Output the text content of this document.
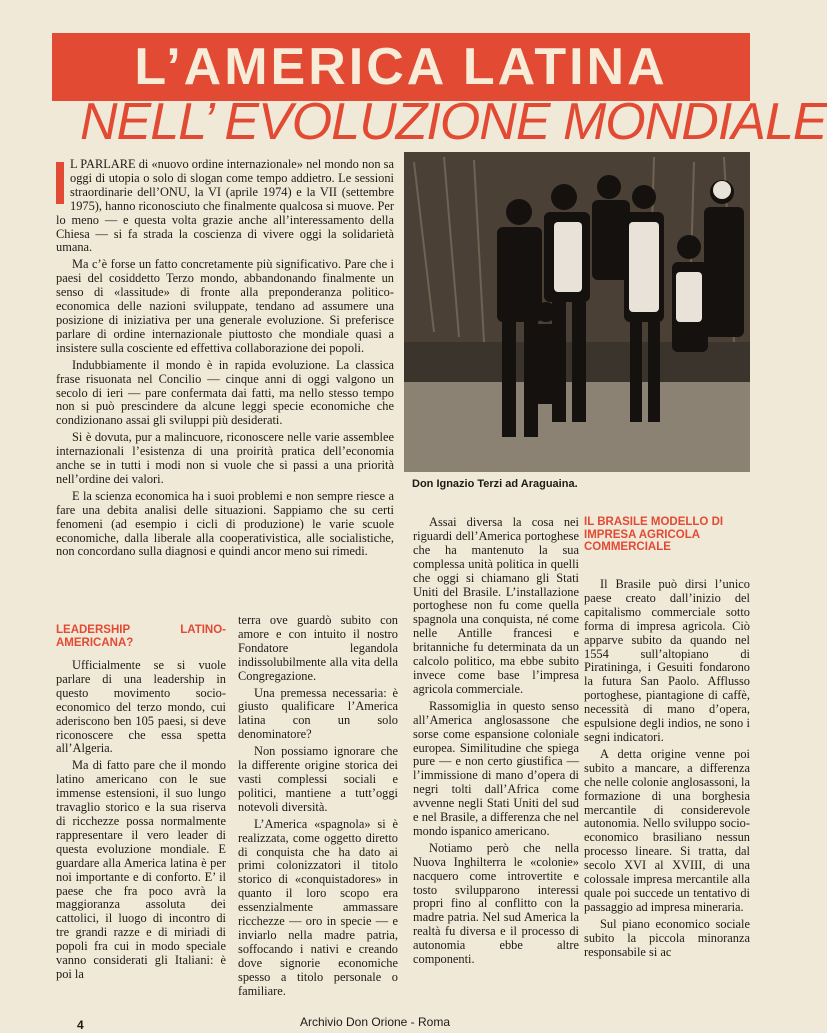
L’AMERICA LATINA
NELL’ EVOLUZIONE MONDIALE

L PARLARE di «nuovo ordine internazionale» nel mondo non sa oggi di utopia o solo di slogan come tempo addietro. Le sessioni straordinarie dell’ONU, la VI (aprile 1974) e la VII (settembre 1975), hanno riconosciuto che finalmente qualcosa si muove. Per lo meno — e questa volta grazie anche all’interessamento della Chiesa — si fa strada la coscienza di vivere oggi la solidarietà umana.

Ma c’è forse un fatto concretamente più significativo. Pare che i paesi del cosiddetto Terzo mondo, abbandonando finalmente un senso di «lassitude» di fronte alla preponderanza politico-economica delle nazioni sviluppate, tendano ad assumere una posizione di iniziativa per una generale evoluzione. Si preferisce parlare di ordine internazionale piuttosto che mondiale quasi a insistere sulla cosciente ed effettiva collaborazione dei popoli.

Indubbiamente il mondo è in rapida evoluzione. La classica frase risuonata nel Concilio — cinque anni di oggi valgono un secolo di ieri — pare confermata dai fatti, ma nello stesso tempo non si può prescindere da alcune leggi specie economiche che condizionano assai gli sviluppi più desiderati.

Si è dovuta, pur a malincuore, riconoscere nelle varie assemblee internazionali l’esistenza di una proirità pratica dell’economia anche se in tutti i modi non si vuole che si passi a una priorità nell’ordine dei valori.

E la scienza economica ha i suoi problemi e non sempre riesce a fare una debita analisi delle situazioni. Sappiamo che su certi fenomeni (ad esempio i cicli di produzione) le varie scuole economiche, dalla liberale alla cooperativistica, alle socialistiche, non concordano sulla diagnosi e quindi ancor meno sui rimedi.

Don Ignazio Terzi ad Araguaina.
LEADERSHIP LATINO-AMERICANA?

Ufficialmente se si vuole parlare di una leadership in questo movimento socio-economico del terzo mondo, cui aderiscono ben 105 paesi, si deve riconoscere che essa spetta all’Algeria.

Ma di fatto pare che il mondo latino americano con le sue immense estensioni, il suo lungo travaglio storico e la sua riserva di ricchezze possa normalmente rappresentare il vero leader di questa evoluzione mondiale. E guardare alla America latina è per noi importante e di conforto. E’ il paese che fra poco avrà la maggioranza assoluta dei cattolici, il luogo di incontro di tre grandi razze e di miriadi di popoli fra cui in modo speciale vanno considerati gli Italiani: è poi la

terra ove guardò subito con amore e con intuito il nostro Fondatore legandola indissolubilmente alla vita della Congregazione.

Una premessa necessaria: è giusto qualificare l’America latina con un solo denominatore?

Non possiamo ignorare che la differente origine storica dei vasti complessi sociali e politici, mantiene a tutt’oggi notevoli diversità.

L’America «spagnola» si è realizzata, come oggetto diretto di conquista che ha dato ai primi colonizzatori il titolo storico di «conquistadores» in quanto il loro scopo era essenzialmente ammassare ricchezze — oro in specie — e inviarlo nella madre patria, soffocando i nativi e creando dove signorie economiche spesso a titolo personale o familiare.

Assai diversa la cosa nei riguardi dell’America portoghese che ha mantenuto la sua complessa unità politica in quelli che oggi si chiamano gli Stati Uniti del Brasile. L’installazione portoghese non fu come quella spagnola una conquista, né come nelle Antille francesi e britanniche fu determinata da un calcolo politico, ma ebbe subito invece come base l’impresa agricola commerciale.

Rassomiglia in questo senso all’America anglosassone che sorse come espansione coloniale europea. Similitudine che spiega pure — e non certo giustifica — l’immissione di mano d’opera di negri tolti dall’Africa come avvenne negli Stati Uniti del sud e nel Brasile, a differenza che nel mondo ispanico americano.

Notiamo però che nella Nuova Inghilterra le «colonie» nacquero come introvertite e tosto svilupparono interessi propri fino al conflitto con la madre patria. Nel sud America la realtà fu diversa e il processo di autonomia ebbe altre componenti.

IL BRASILE MODELLO DI IMPRESA AGRICOLA COMMERCIALE

Il Brasile può dirsi l’unico paese creato dall’inizio del capitalismo commerciale sotto forma di impresa agricola. Ciò apparve subito da quando nel 1554 sull’altopiano di Piratininga, i Gesuiti fondarono la futura San Paolo. Afflusso portoghese, piantagione di caffè, necessità di mano d’opera, espulsione degli indios, ne sono i segni indicatori.

A detta origine venne poi subito a mancare, a differenza che nelle colonie anglosassoni, la formazione di una borghesia mercantile di considerevole autonomia. Nello sviluppo socio-economico brasiliano nessun processo lineare. Si tratta, dal secolo XVI al XVIII, di una colossale impresa mercantile alla quale poi succede un tentativo di passaggio ad impresa mineraria.

Sul piano economico sociale subito la piccola minoranza responsabile si ac

4	Archivio Don Orione - Roma
